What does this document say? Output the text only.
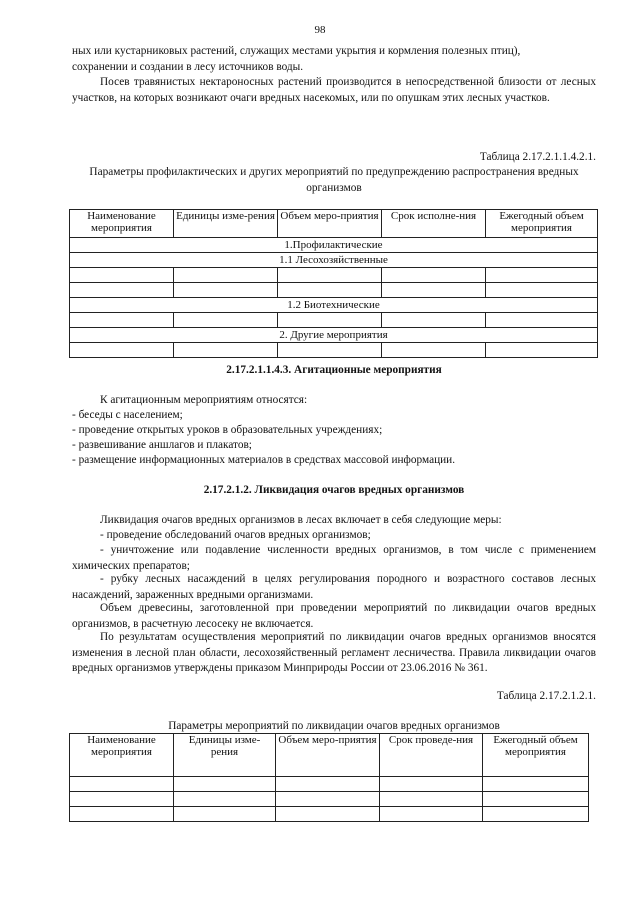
98

ных или кустарниковых растений, служащих местами укрытия и кормления полезных птиц),
сохранении и создании в лесу источников воды.

Посев травянистых нектароносных растений производится в непосредственной близости от лесных участков, на которых возникают очаги вредных насекомых, или по опушкам этих лесных участков.

Таблица 2.17.2.1.1.4.2.1.

Параметры профилактических и других мероприятий по предупреждению распространения вредных организмов

Наименование мероприятия	Единицы изме-рения	Объем меро-приятия	Срок исполне-ния	Ежегодный объем мероприятия
1.Профилактические				
1.1 Лесохозяйственные				

1.2 Биотехнические				

2. Другие мероприятия				

2.17.2.1.1.4.3. Агитационные мероприятия

К агитационным мероприятиям относятся:

- беседы с населением;

- проведение открытых уроков в образовательных учреждениях;

- развешивание аншлагов и плакатов;

- размещение информационных материалов в средствах массовой информации.

2.17.2.1.2. Ликвидация очагов вредных организмов

Ликвидация очагов вредных организмов в лесах включает в себя следующие меры:

- проведение обследований очагов вредных организмов;

- уничтожение или подавление численности вредных организмов, в том числе с применением химических препаратов;

- рубку лесных насаждений в целях регулирования породного и возрастного составов лесных насаждений, зараженных вредными организмами.

Объем древесины, заготовленной при проведении мероприятий по ликвидации очагов вредных организмов, в расчетную лесосеку не включается.

По результатам осуществления мероприятий по ликвидации очагов вредных организмов вносятся изменения в лесной план области, лесохозяйственный регламент лесничества. Правила ликвидации очагов вредных организмов утверждены приказом Минприроды России от 23.06.2016 № 361.

Таблица 2.17.2.1.2.1.

Параметры мероприятий по ликвидации очагов вредных организмов

Наименование мероприятия	Единицы изме-рения	Объем меро-приятия	Срок проведе-ния	Ежегодный объем мероприятия
